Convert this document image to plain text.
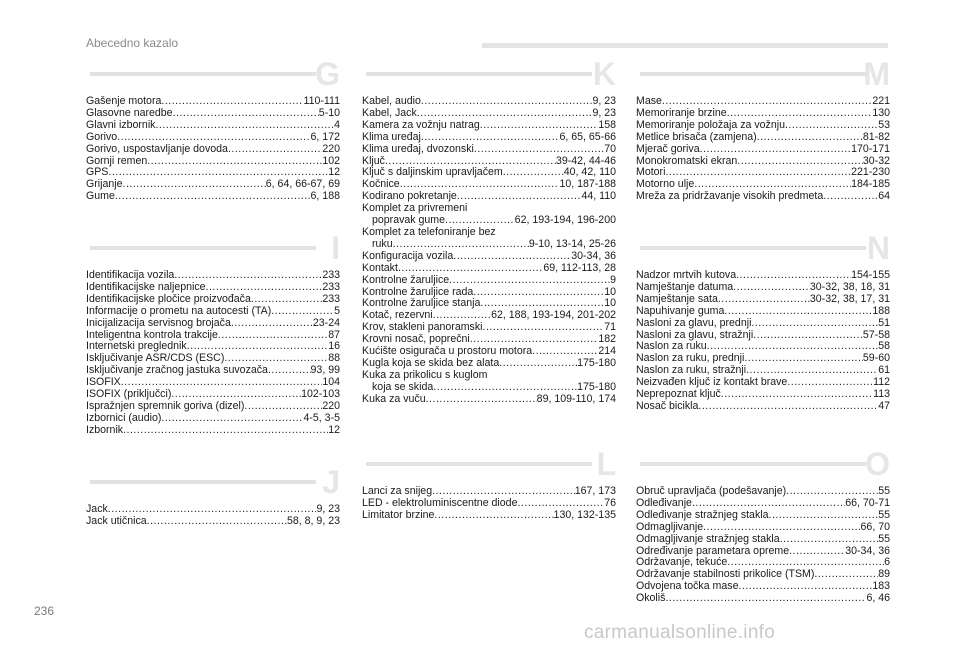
Abecedno kazalo
G
Gašenje motora .....	110-111
Glasovne naredbe .....	5-10
Glavni izbornik .....	4
Gorivo .....	6, 172
Gorivo, uspostavljanje dovoda .....	220
Gornji remen .....	102
GPS .....	12
Grijanje .....	6, 64, 66-67, 69
Gume .....	6, 188
I
Identifikacija vozila .....	233
Identifikacijske naljepnice .....	233
Identifikacijske pločice proizvođača .....	233
Informacije o prometu na autocesti (TA) .....	5
Inicijalizacija servisnog brojača .....	23-24
Inteligentna kontrola trakcije .....	87
Internetski preglednik .....	16
Isključivanje ASR/CDS (ESC) .....	88
Isključivanje zračnog jastuka suvozača .....	93, 99
ISOFIX .....	104
ISOFIX (priključci) .....	102-103
Ispražnjen spremnik goriva (dizel) .....	220
Izbornici (audio) .....	4-5, 3-5
Izbornik .....	12
J
Jack .....	9, 23
Jack utičnica .....	58, 8, 9, 23
K
Kabel, audio .....	9, 23
Kabel, Jack .....	9, 23
Kamera za vožnju natrag .....	158
Klima uređaj .....	6, 65, 65-66
Klima uređaj, dvozonski .....	70
Ključ .....	39-42, 44-46
Ključ s daljinskim upravljačem .....	40, 42, 110
Kočnice .....	10, 187-188
Kodirano pokretanje .....	44, 110
Komplet za privremeni
popravak gume .....	62, 193-194, 196-200
Komplet za telefoniranje bez
ruku .....	9-10, 13-14, 25-26
Konfiguracija vozila .....	30-34, 36
Kontakt .....	69, 112-113, 28
Kontrolne žaruljice .....	9
Kontrolne žaruljice rada .....	10
Kontrolne žaruljice stanja .....	10
Kotač, rezervni .....	62, 188, 193-194, 201-202
Krov, stakleni panoramski .....	71
Krovni nosač, poprečni .....	182
Kućište osigurača u prostoru motora .....	214
Kugla koja se skida bez alata .....	175-180
Kuka za prikolicu s kuglom
koja se skida .....	175-180
Kuka za vuču .....	89, 109-110, 174
L
Lanci za snijeg .....	167, 173
LED - elektroluminiscentne diode .....	76
Limitator brzine .....	130, 132-135
M
Mase .....	221
Memoriranje brzine .....	130
Memoriranje položaja za vožnju .....	53
Metlice brisača (zamjena) .....	81-82
Mjerač goriva .....	170-171
Monokromatski ekran .....	30-32
Motori .....	221-230
Motorno ulje .....	184-185
Mreža za pridržavanje visokih predmeta .....	64
N
Nadzor mrtvih kutova .....	154-155
Namještanje datuma .....	30-32, 38, 18, 31
Namještanje sata .....	30-32, 38, 17, 31
Napuhivanje guma .....	188
Nasloni za glavu, prednji .....	51
Nasloni za glavu, stražnji .....	57-58
Naslon za ruku .....	58
Naslon za ruku, prednji .....	59-60
Naslon za ruku, stražnji .....	61
Neizvađen ključ iz kontakt brave .....	112
Neprepoznat ključ .....	113
Nosač bicikla .....	47
O
Obruč upravljača (podešavanje) .....	55
Odleđivanje .....	66, 70-71
Odleđivanje stražnjeg stakla .....	55
Odmagljivanje .....	66, 70
Odmagljivanje stražnjeg stakla .....	55
Određivanje parametara opreme .....	30-34, 36
Održavanje, tekuće .....	6
Održavanje stabilnosti prikolice (TSM) .....	89
Odvojena točka mase .....	183
Okoliš .....	6, 46
236
carmanualsonline.info
